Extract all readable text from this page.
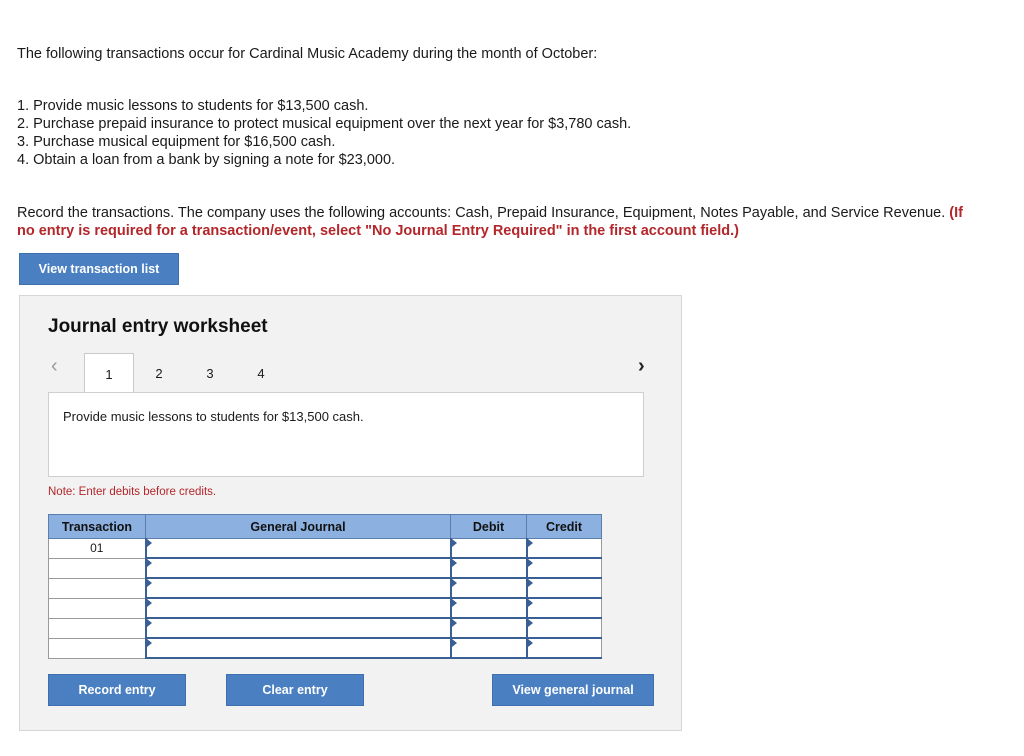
The following transactions occur for Cardinal Music Academy during the month of October:
1. Provide music lessons to students for $13,500 cash.
2. Purchase prepaid insurance to protect musical equipment over the next year for $3,780 cash.
3. Purchase musical equipment for $16,500 cash.
4. Obtain a loan from a bank by signing a note for $23,000.
Record the transactions. The company uses the following accounts: Cash, Prepaid Insurance, Equipment, Notes Payable, and Service Revenue. (If no entry is required for a transaction/event, select "No Journal Entry Required" in the first account field.)
View transaction list
Journal entry worksheet
‹	1	2	3	4	›
Provide music lessons to students for $13,500 cash.
Note: Enter debits before credits.
Transaction	General Journal	Debit	Credit
01			

Record entry	Clear entry	View general journal
